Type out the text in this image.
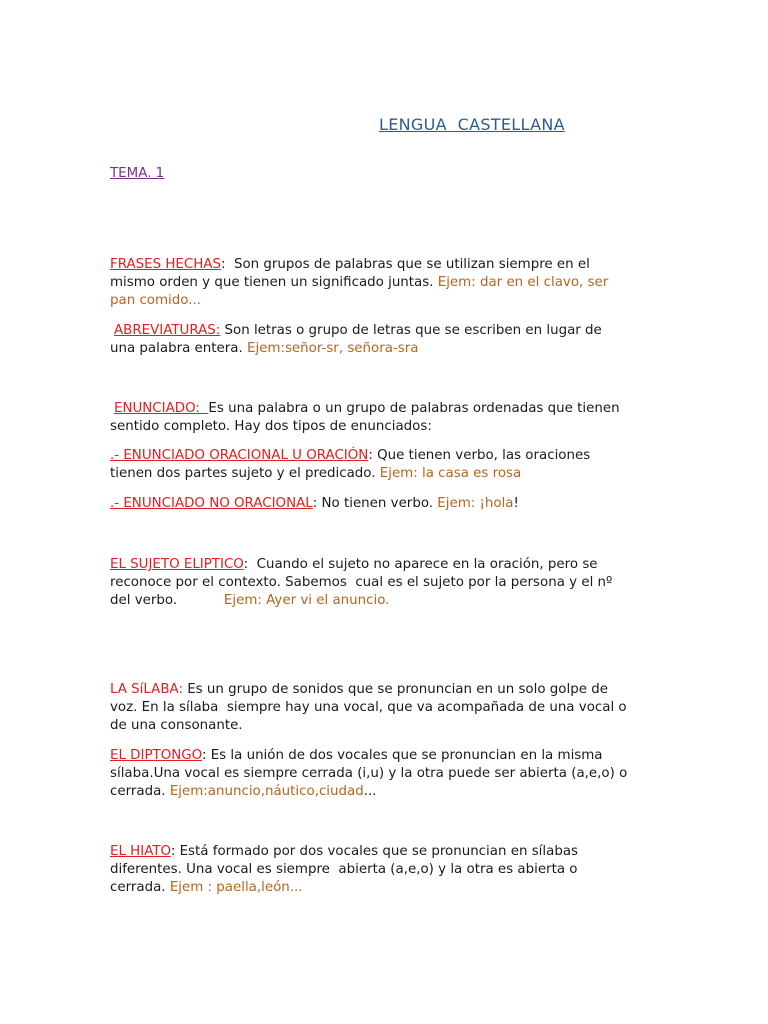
LENGUA  CASTELLANA
TEMA. 1

FRASES HECHAS:  Son grupos de palabras que se utilizan siempre en el
mismo orden y que tienen un significado juntas. Ejem: dar en el clavo, ser
pan comido...

ABREVIATURAS: Son letras o grupo de letras que se escriben en lugar de

una palabra entera. Ejem:señor-sr, señora-sra

ENUNCIADO:  Es una palabra o un grupo de palabras ordenadas que tienen

sentido completo. Hay dos tipos de enunciados:

.- ENUNCIADO ORACIONAL U ORACIÓN: Que tienen verbo, las oraciones
tienen dos partes sujeto y el predicado. Ejem: la casa es rosa

.- ENUNCIADO NO ORACIONAL: No tienen verbo. Ejem: ¡hola!

EL SUJETO ELIPTICO:  Cuando el sujeto no aparece en la oración, pero se
reconoce por el contexto. Sabemos  cual es el sujeto por la persona y el nº
del verbo.           Ejem: Ayer vi el anuncio.

LA SíLABA: Es un grupo de sonidos que se pronuncian en un solo golpe de
voz. En la sílaba  siempre hay una vocal, que va acompañada de una vocal o
de una consonante.

EL DIPTONGO: Es la unión de dos vocales que se pronuncian en la misma
sílaba.Una vocal es siempre cerrada (i,u) y la otra puede ser abierta (a,e,o) o
cerrada. Ejem:anuncio,náutico,ciudad...

EL HIATO: Está formado por dos vocales que se pronuncian en sílabas
diferentes. Una vocal es siempre  abierta (a,e,o) y la otra es abierta o
cerrada. Ejem : paella,león...
